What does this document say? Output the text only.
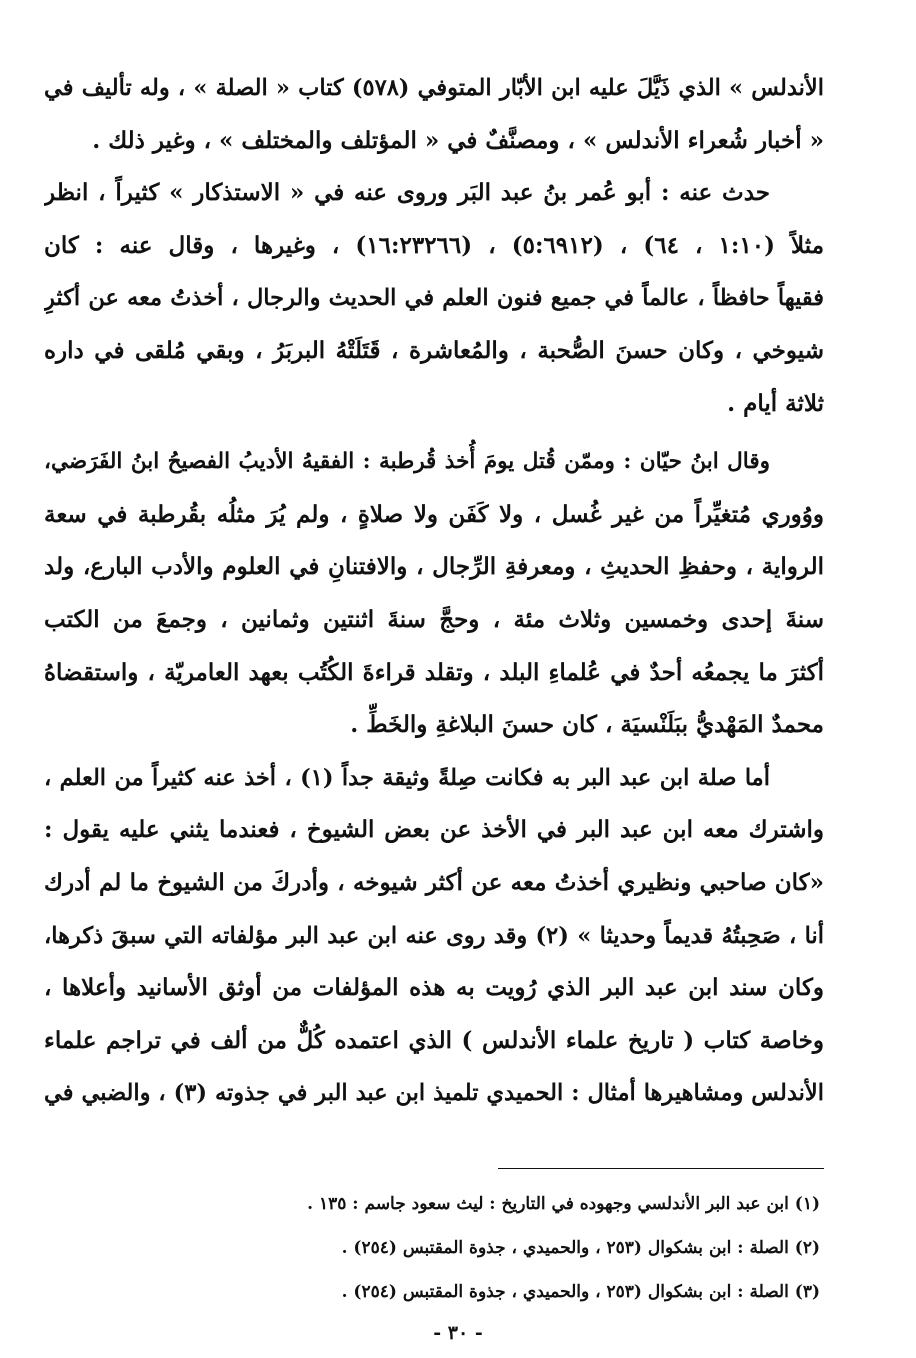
الأندلس » الذي ذَيَّلَ عليه ابن الأبّار المتوفي (٥٧٨) كتاب « الصلة » ، وله تأليف في
« أخبار شُعراء الأندلس » ، ومصنَّفٌ في « المؤتلف والمختلف » ، وغير ذلك .
حدث عنه : أبو عُمر بنُ عبد البَر وروى عنه في « الاستذكار » كثيراً ، انظر
مثلاً (١:١٠ ، ٦٤) ، (٥:٦٩١٢) ، (١٦:٢٣٢٦٦) ، وغيرها ، وقال عنه : كان
فقيهاً حافظاً ، عالماً في جميع فنون العلم في الحديث والرجال ، أخذتُ معه عن أكثرِ
شيوخي ، وكان حسنَ الصُّحبة ، والمُعاشرة ، قَتَلَتْهُ البربَرُ ، وبقي مُلقى في داره
ثلاثة أيام .
وقال ابنُ حيّان : وممّن قُتل يومَ أُخذ قُرطبة : الفقيهُ الأديبُ الفصيحُ ابنُ الفَرَضي،
ووُوري مُتغيِّراً من غير غُسل ، ولا كَفَن ولا صلاةٍ ، ولم يُرَ مثلُه بقُرطبة في سعة
الرواية ، وحفظِ الحديثِ ، ومعرفةِ الرِّجال ، والافتنانِ في العلوم والأدب البارع، ولد
سنةَ إحدى وخمسين وثلاث مئة ، وحجَّ سنةَ اثنتين وثمانين ، وجمعَ من الكتب
أكثرَ ما يجمعُه أحدٌ في عُلماءِ البلد ، وتقلد قراءةَ الكُتُب بعهد العامريّة ، واستقضاهُ
محمدٌ المَهْديُّ ببَلَنْسيَة ، كان حسنَ البلاغةِ والخَطِّ .
أما صلة ابن عبد البر به فكانت صِلةً وثيقة جداً (١) ، أخذ عنه كثيراً من العلم ،
واشترك معه ابن عبد البر في الأخذ عن بعض الشيوخ ، فعندما يثني عليه يقول :
«كان صاحبي ونظيري أخذتُ معه عن أكثر شيوخه ، وأدركَ من الشيوخ ما لم أدرك
أنا ، صَحِبتُهُ قديماً وحديثا » (٢) وقد روى عنه ابن عبد البر مؤلفاته التي سبقَ ذكرها،
وكان سند ابن عبد البر الذي رُويت به هذه المؤلفات من أوثق الأسانيد وأعلاها ،
وخاصة كتاب ( تاريخ علماء الأندلس ) الذي اعتمده كُلٌّ من ألف في تراجم علماء
الأندلس ومشاهيرها أمثال : الحميدي تلميذ ابن عبد البر في جذوته (٣) ، والضبي في
(١) ابن عبد البر الأندلسي وجهوده في التاريخ : ليث سعود جاسم : ١٣٥ .
(٢) الصلة : ابن بشكوال (٢٥٣ ، والحميدي ، جذوة المقتبس (٢٥٤) .
(٣) الصلة : ابن بشكوال (٢٥٣ ، والحميدي ، جذوة المقتبس (٢٥٤) .
- ٣٠ -
